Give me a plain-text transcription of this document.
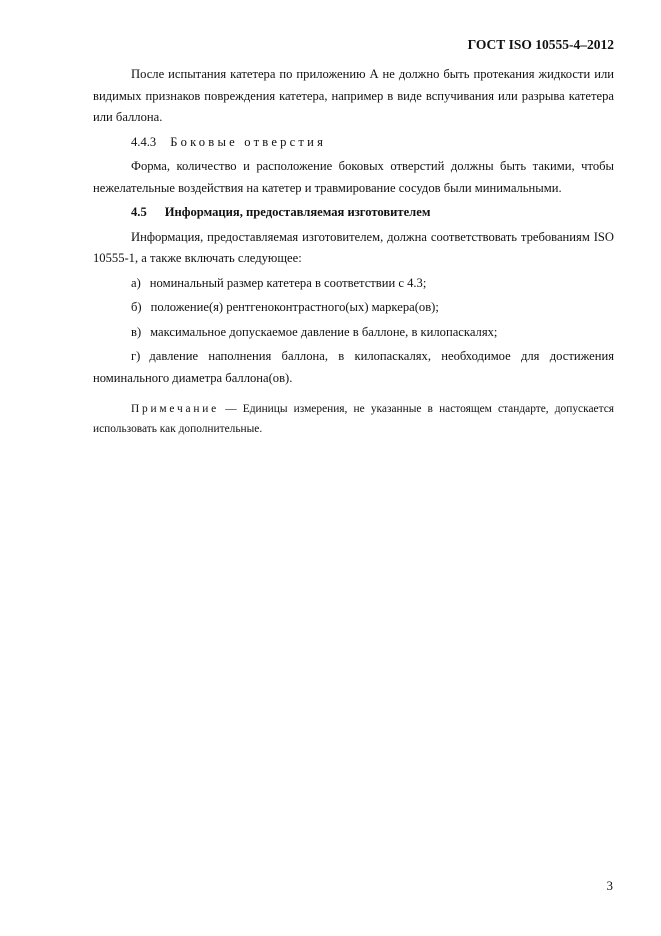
ГОСТ ISO 10555-4–2012

После испытания катетера по приложению А не должно быть протекания жидкости или видимых признаков повреждения катетера, например в виде вспучивания или разрыва катетера или баллона.

4.4.3 Боковые отверстия

Форма, количество и расположение боковых отверстий должны быть такими, чтобы нежелательные воздействия на катетер и травмирование сосудов были минимальными.

4.5 Информация, предоставляемая изготовителем

Информация, предоставляемая изготовителем, должна соответствовать требованиям ISO 10555-1, а также включать следующее:

а) номинальный размер катетера в соответствии с 4.3;

б) положение(я) рентгеноконтрастного(ых) маркера(ов);

в) максимальное допускаемое давление в баллоне, в килопаскалях;

г) давление наполнения баллона, в килопаскалях, необходимое для достижения номинального диаметра баллона(ов).

Примечание — Единицы измерения, не указанные в настоящем стандарте, допускается использовать как дополнительные.

3
